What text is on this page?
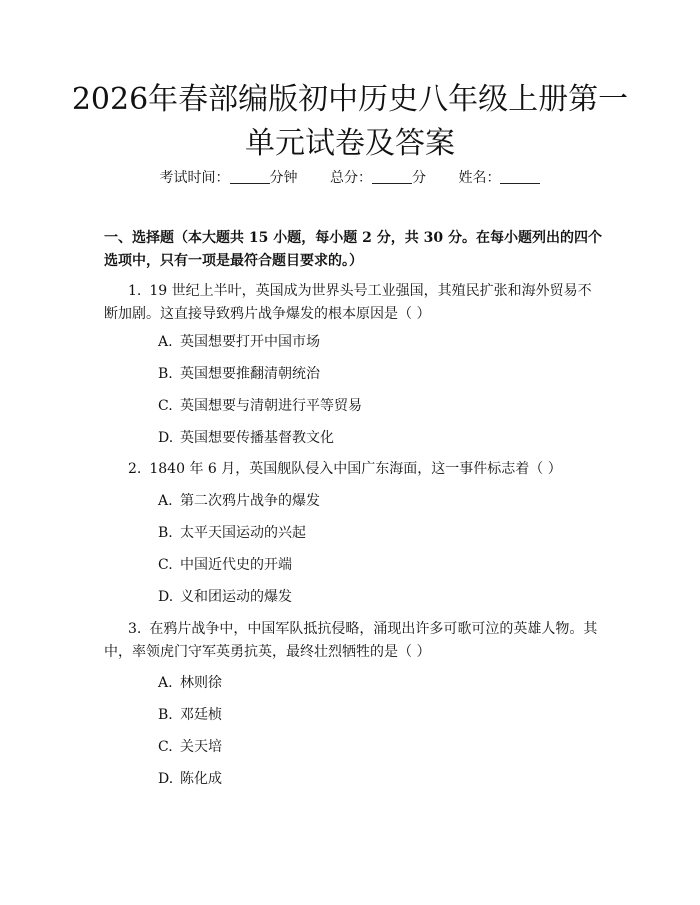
2026年春部编版初中历史八年级上册第一单元试卷及答案
考试时间：	分钟 总分：	分 姓名：
一、选择题（本大题共 15 小题，每小题 2 分，共 30 分。在每小题列出的四个选项中，只有一项是最符合题目要求的。）
1. 19 世纪上半叶，英国成为世界头号工业强国，其殖民扩张和海外贸易不断加剧。这直接导致鸦片战争爆发的根本原因是（ ）
A. 英国想要打开中国市场
B. 英国想要推翻清朝统治
C. 英国想要与清朝进行平等贸易
D. 英国想要传播基督教文化
2. 1840 年 6 月，英国舰队侵入中国广东海面，这一事件标志着（ ）
A. 第二次鸦片战争的爆发
B. 太平天国运动的兴起
C. 中国近代史的开端
D. 义和团运动的爆发
3. 在鸦片战争中，中国军队抵抗侵略，涌现出许多可歌可泣的英雄人物。其中，率领虎门守军英勇抗英，最终壮烈牺牲的是（ ）
A. 林则徐
B. 邓廷桢
C. 关天培
D. 陈化成
